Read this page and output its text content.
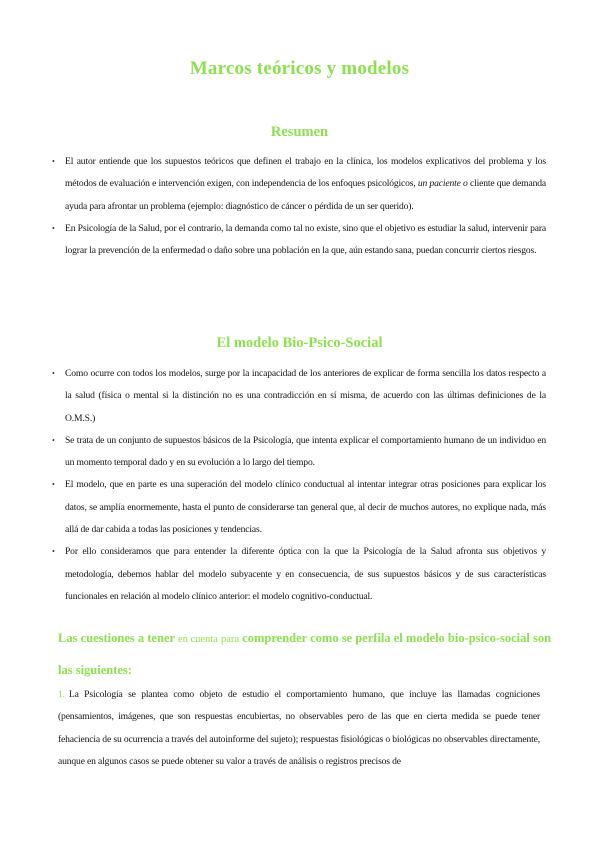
Marcos teóricos y modelos
Resumen
• El autor entiende que los supuestos teóricos que definen el trabajo en la clínica, los modelos explicativos del problema y los métodos de evaluación e intervención exigen, con independencia de los enfoques psicológicos, un paciente o cliente que demanda ayuda para afrontar un problema (ejemplo: diagnóstico de cáncer o pérdida de un ser querido).
• En Psicología de la Salud, por el contrario, la demanda como tal no existe, sino que el objetivo es estudiar la salud, intervenir para lograr la prevención de la enfermedad o daño sobre una población en la que, aún estando sana, puedan concurrir ciertos riesgos.
El modelo Bio-Psico-Social
• Como ocurre con todos los modelos, surge por la incapacidad de los anteriores de explicar de forma sencilla los datos respecto a la salud (física o mental si la distinción no es una contradicción en sí misma, de acuerdo con las últimas definiciones de la O.M.S.)
• Se trata de un conjunto de supuestos básicos de la Psicología, que intenta explicar el comportamiento humano de un individuo en un momento temporal dado y en su evolución a lo largo del tiempo.
• El modelo, que en parte es una superación del modelo clínico conductual al intentar integrar otras posiciones para explicar los datos, se amplía enormemente, hasta el punto de considerarse tan general que, al decir de muchos autores, no explique nada, más allá de dar cabida a todas las posiciones y tendencias.
• Por ello consideramos que para entender la diferente óptica con la que la Psicología de la Salud afronta sus objetivos y metodología, debemos hablar del modelo subyacente y en consecuencia, de sus supuestos básicos y de sus características funcionales en relación al modelo clínico anterior: el modelo cognitivo-conductual.
Las cuestiones a tener en cuenta para comprender como se perfila el modelo bio-psico-social son las siguientes:
1. La Psicología se plantea como objeto de estudio el comportamiento humano, que incluye las llamadas cogniciones (pensamientos, imágenes, que son respuestas encubiertas, no observables pero de las que en cierta medida se puede tener fehaciencia de su ocurrencia a través del autoinforme del sujeto); respuestas fisiológicas o biológicas no observables directamente, aunque en algunos casos se puede obtener su valor a través de análisis o registros precisos de
